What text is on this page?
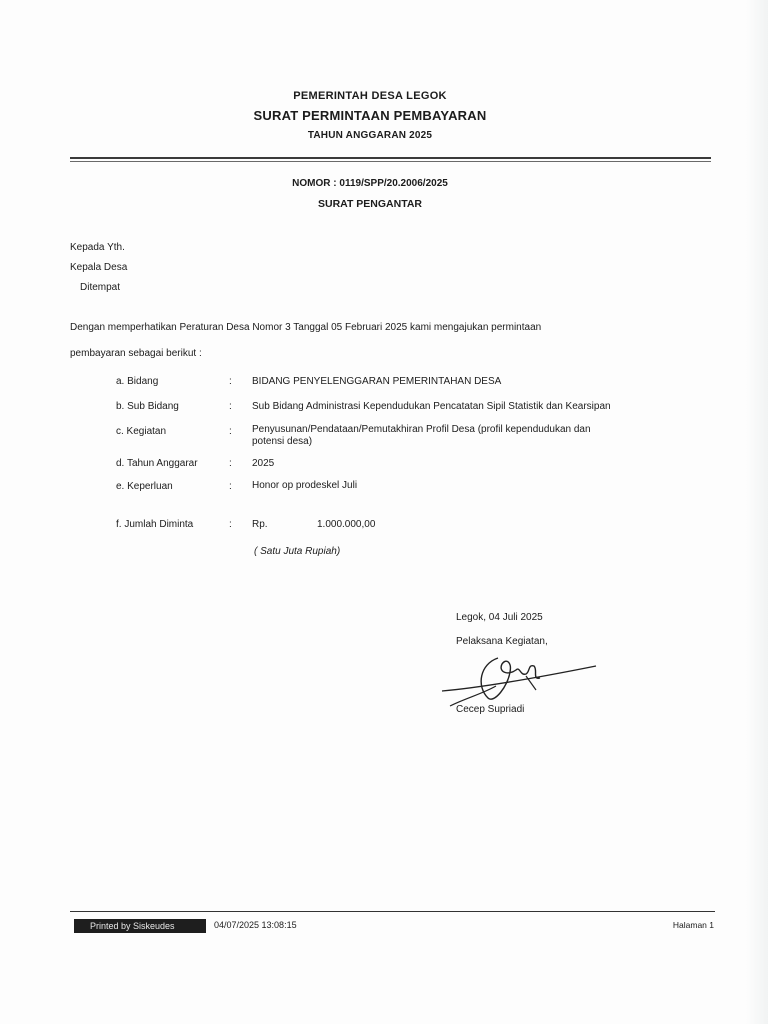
PEMERINTAH DESA LEGOK
SURAT PERMINTAAN PEMBAYARAN
TAHUN ANGGARAN 2025
NOMOR : 0119/SPP/20.2006/2025
SURAT PENGANTAR
Kepada Yth.
Kepala Desa
Ditempat
Dengan memperhatikan Peraturan Desa Nomor 3 Tanggal 05 Februari 2025 kami mengajukan permintaan
pembayaran sebagai berikut :
a. Bidang	: BIDANG PENYELENGGARAN PEMERINTAHAN DESA
b. Sub Bidang	: Sub Bidang Administrasi Kependudukan Pencatatan Sipil Statistik dan Kearsipan
c. Kegiatan	: Penyusunan/Pendataan/Pemutakhiran Profil Desa (profil kependudukan dan
potensi desa)
d. Tahun Anggarar	: 2025
e. Keperluan	: Honor op prodeskel Juli
f. Jumlah Diminta	: Rp.	1.000.000,00
( Satu Juta Rupiah)
Legok, 04 Juli 2025
Pelaksana Kegiatan,
Cecep Supriadi
Printed by Siskeudes	04/07/2025 13:08:15	Halaman 1
